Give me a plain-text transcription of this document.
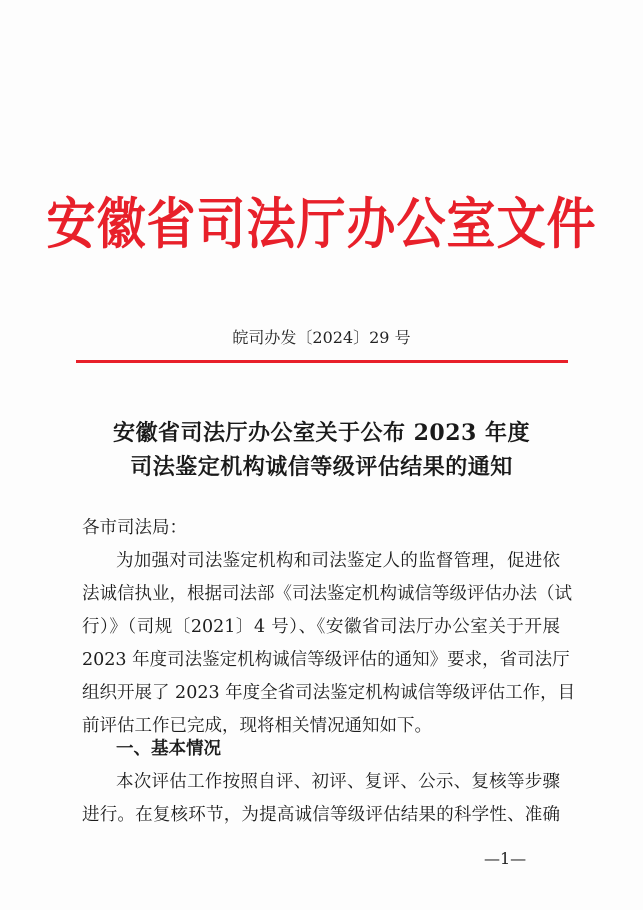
安徽省司法厅办公室文件
皖司办发〔2024〕29 号
安徽省司法厅办公室关于公布 2023 年度
司法鉴定机构诚信等级评估结果的通知
各市司法局：
为加强对司法鉴定机构和司法鉴定人的监督管理，促进依
法诚信执业，根据司法部《司法鉴定机构诚信等级评估办法（试
行）》（司规〔2021〕4 号）、《安徽省司法厅办公室关于开展
2023 年度司法鉴定机构诚信等级评估的通知》要求，省司法厅
组织开展了 2023 年度全省司法鉴定机构诚信等级评估工作，目
前评估工作已完成，现将相关情况通知如下。
一、基本情况
本次评估工作按照自评、初评、复评、公示、复核等步骤
进行。在复核环节，为提高诚信等级评估结果的科学性、准确
—1—
